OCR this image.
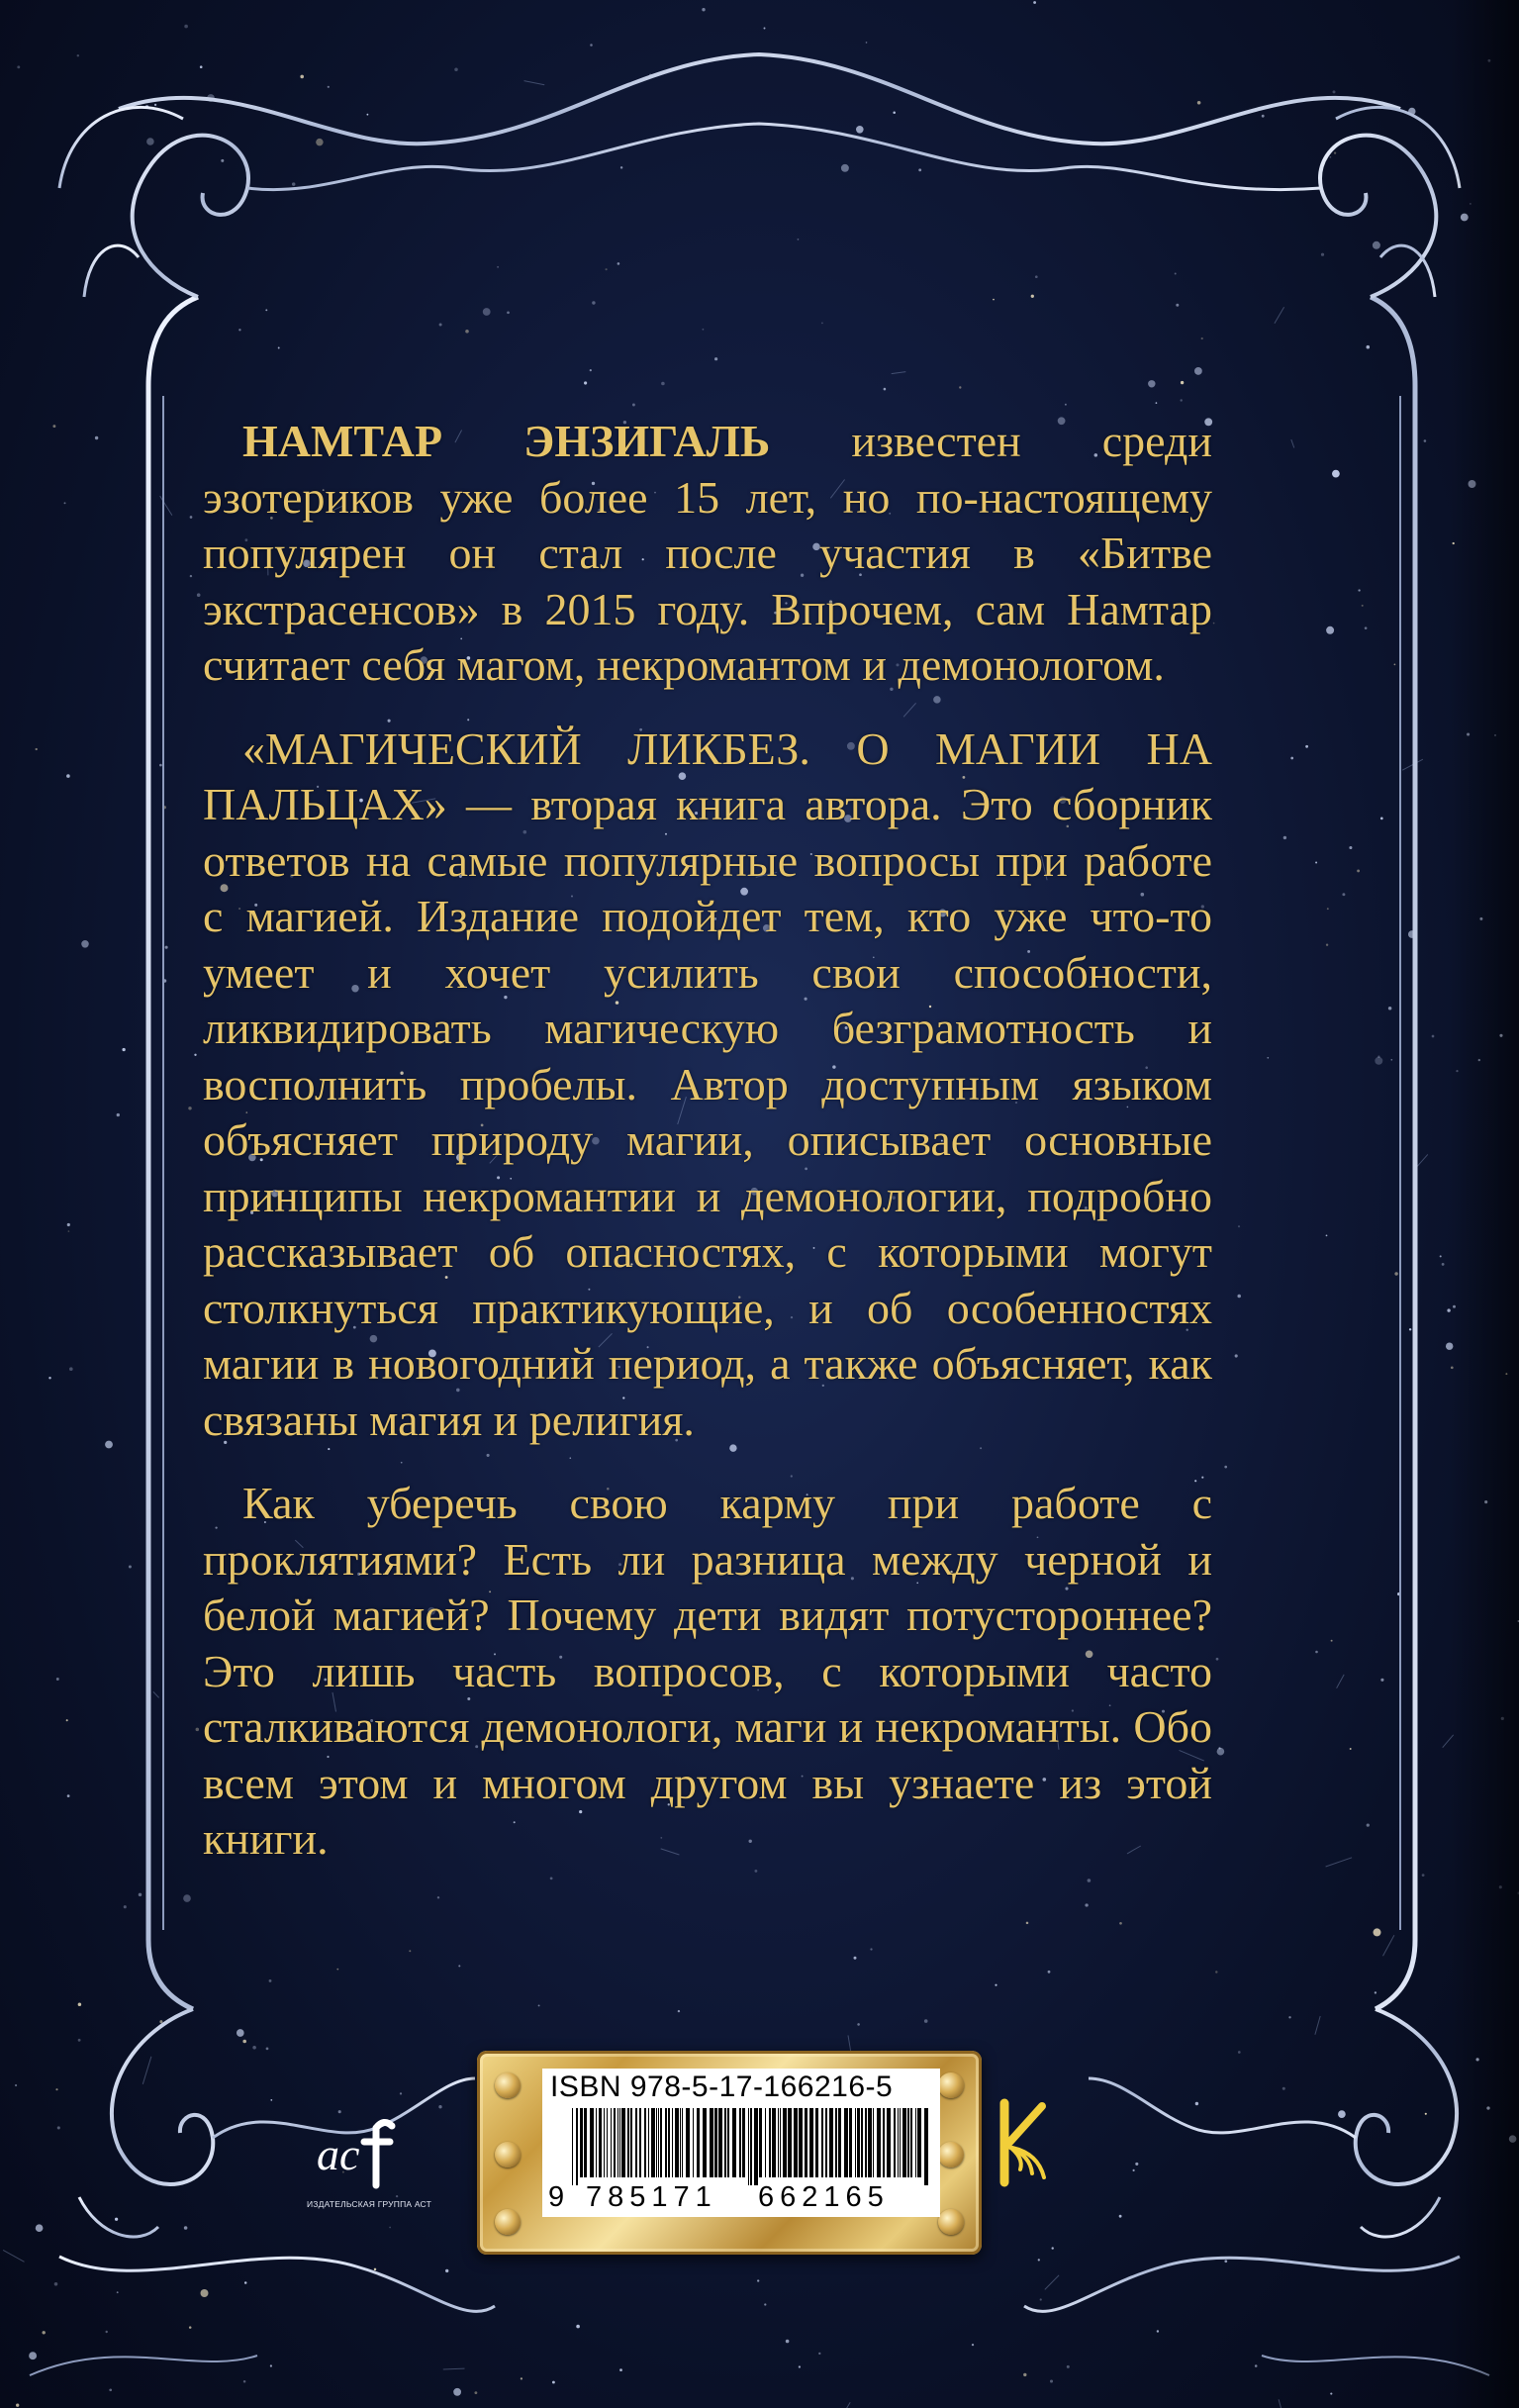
НАМТАР ЭНЗИГАЛЬ известен среди эзотериков уже более 15 лет, но по-настоящему популярен он стал после участия в «Битве экстрасенсов» в 2015 году. Впрочем, сам Намтар считает себя магом, некромантом и демонологом.

«МАГИЧЕСКИЙ ЛИКБЕЗ. О МАГИИ НА ПАЛЬЦАХ» — вторая книга автора. Это сборник ответов на самые популярные вопросы при работе с магией. Издание подойдет тем, кто уже что-то умеет и хочет усилить свои способности, ликвидировать магическую безграмотность и восполнить пробелы. Автор доступным языком объясняет природу магии, описывает основные принципы некромантии и демонологии, подробно рассказывает об опасностях, с которыми могут столкнуться практикующие, и об особенностях магии в новогодний период, а также объясняет, как связаны магия и религия.

Как уберечь свою карму при работе с проклятиями? Есть ли разница между черной и белой магией? Почему дети видят потустороннее? Это лишь часть вопросов, с которыми часто сталкиваются демонологи, маги и некроманты. Обо всем этом и многом другом вы узнаете из этой книги.

ас
ИЗДАТЕЛЬСКАЯ ГРУППА АСТ
ISBN 978-5-17-166216-5
9 785171 662165
